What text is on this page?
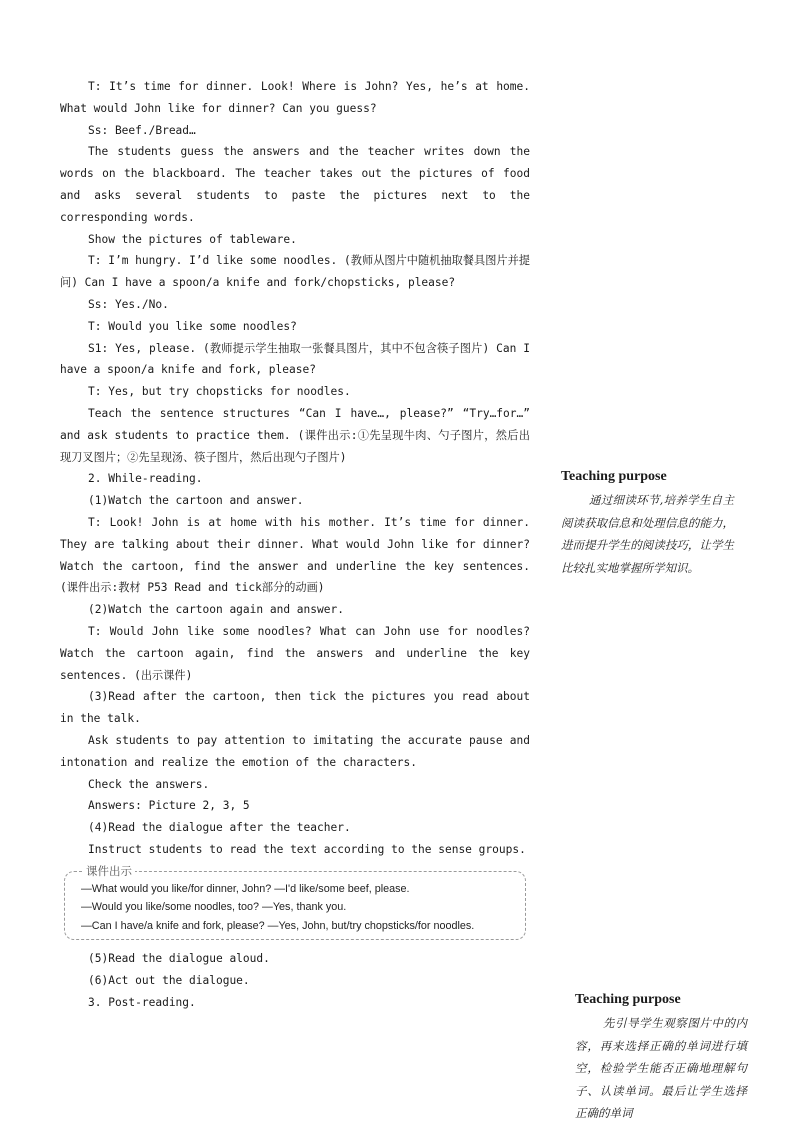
T: It’s time for dinner. Look! Where is John? Yes, he’s at home. What would John like for dinner? Can you guess?

Ss: Beef./Bread…

The students guess the answers and the teacher writes down the words on the blackboard. The teacher takes out the pictures of food and asks several students to paste the pictures next to the corresponding words.

Show the pictures of tableware.

T: I’m hungry. I’d like some noodles. (教师从图片中随机抽取餐具图片并提问) Can I have a spoon/a knife and fork/chopsticks, please?

Ss: Yes./No.

T: Would you like some noodles?

S1: Yes, please. (教师提示学生抽取一张餐具图片，其中不包含筷子图片) Can I have a spoon/a knife and fork, please?

T: Yes, but try chopsticks for noodles.

Teach the sentence structures “Can I have…, please?” “Try…for…” and ask students to practice them. (课件出示:①先呈现牛肉、勺子图片，然后出现刀叉图片；②先呈现汤、筷子图片，然后出现勺子图片)

2. While-reading.

(1)Watch the cartoon and answer.

T: Look! John is at home with his mother. It’s time for dinner. They are talking about their dinner. What would John like for dinner? Watch the cartoon, find the answer and underline the key sentences. (课件出示:教材 P53 Read and tick部分的动画)

(2)Watch the cartoon again and answer.

T: Would John like some noodles? What can John use for noodles? Watch the cartoon again, find the answers and underline the key sentences. (出示课件)

(3)Read after the cartoon, then tick the pictures you read about in the talk.

Ask students to pay attention to imitating the accurate pause and intonation and realize the emotion of the characters.

Check the answers.

Answers: Picture 2, 3, 5

(4)Read the dialogue after the teacher.

Instruct students to read the text according to the sense groups.

课件出示
—What would you like/for dinner, John? —I'd like/some beef, please.
—Would you like/some noodles, too? —Yes, thank you.
—Can I have/a knife and fork, please? —Yes, John, but/try chopsticks/for noodles.
(5)Read the dialogue aloud.
(6)Act out the dialogue.
3. Post-reading.

Teaching purpose

通过细读环节,培养学生自主阅读获取信息和处理信息的能力，进而提升学生的阅读技巧，让学生比较扎实地掌握所学知识。

Teaching purpose

先引导学生观察图片中的内容，再来选择正确的单词进行填空，检验学生能否正确地理解句子、认读单词。最后让学生选择正确的单词
